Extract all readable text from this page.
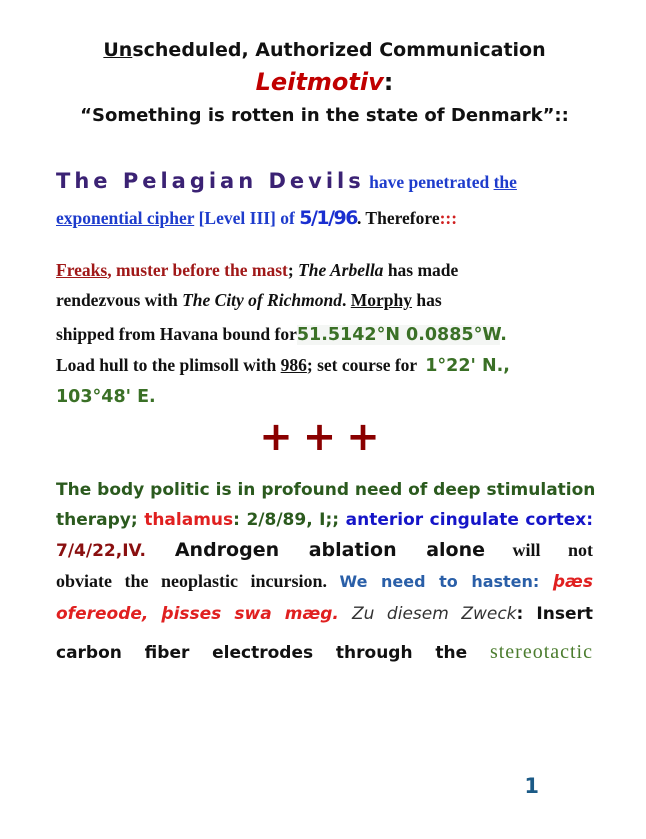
Unscheduled, Authorized Communication
Leitmotiv:
“Something is rotten in the state of Denmark”::
The Pelagian Devils have penetrated the
exponential cipher [Level III] of 5/1/96. Therefore:::
Freaks, muster before the mast; The Arbella has made
rendezvous with The City of Richmond. Morphy has
shipped from Havana bound for51.5142°N 0.0885°W.
Load hull to the plimsoll with 986; set course for 1°22' N.,
103°48' E.
+++
The body politic is in profound need of deep stimulation
therapy; thalamus: 2/8/89, I;; anterior cingulate cortex:
7/4/22,IV. Androgen ablation alone will not
obviate the neoplastic incursion. We need to hasten: þæs
ofereode, þisses swa mæg. Zu diesem Zweck: Insert
carbon fiber electrodes through the stereotactic
1
